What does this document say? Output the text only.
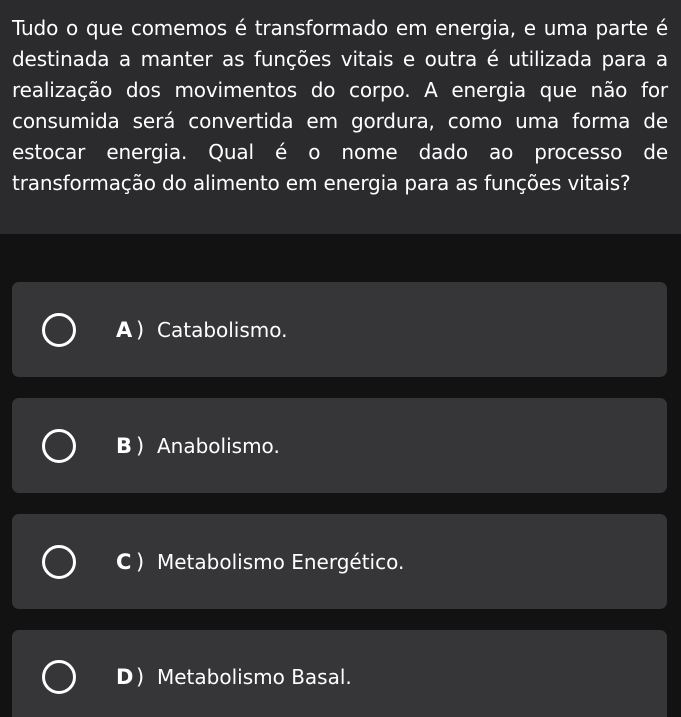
Tudo o que comemos é transformado em energia, e uma parte é destinada a manter as funções vitais e outra é utilizada para a realização dos movimentos do corpo. A energia que não for consumida será convertida em gordura, como uma forma de estocar energia. Qual é o nome dado ao processo de transformação do alimento em energia para as funções vitais?
A ) Catabolismo.
B ) Anabolismo.
C ) Metabolismo Energético.
D ) Metabolismo Basal.
